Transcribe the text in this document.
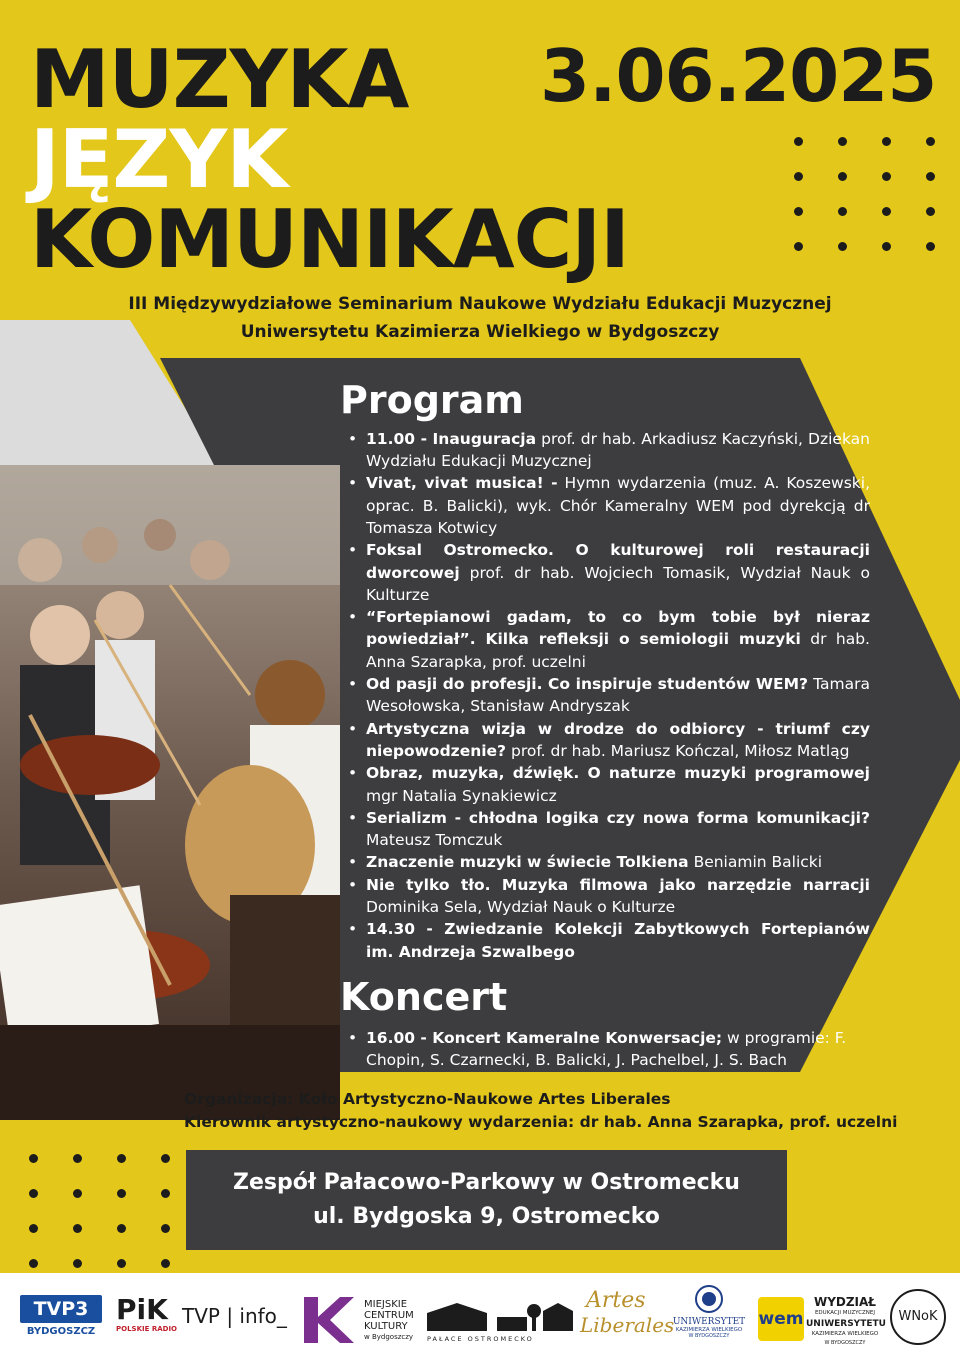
MUZYKA
JĘZYK
KOMUNIKACJI
3.06.2025
III Międzywydziałowe Seminarium Naukowe Wydziału Edukacji Muzycznej
Uniwersytetu Kazimierza Wielkiego w Bydgoszczy
Program
• 11.00 - Inauguracja prof. dr hab. Arkadiusz Kaczyński, Dziekan Wydziału Edukacji Muzycznej
• Vivat, vivat musica! - Hymn wydarzenia (muz. A. Koszewski, oprac. B. Balicki), wyk. Chór Kameralny WEM pod dyrekcją dr Tomasza Kotwicy
• Foksal Ostromecko. O kulturowej roli restauracji dworcowej prof. dr hab. Wojciech Tomasik, Wydział Nauk o Kulturze
• “Fortepianowi gadam, to co bym tobie był nieraz powiedział”. Kilka refleksji o semiologii muzyki dr hab. Anna Szarapka, prof. uczelni
• Od pasji do profesji. Co inspiruje studentów WEM? Tamara Wesołowska, Stanisław Andryszak
• Artystyczna wizja w drodze do odbiorcy - triumf czy niepowodzenie? prof. dr hab. Mariusz Kończal, Miłosz Matląg
• Obraz, muzyka, dźwięk. O naturze muzyki programowej mgr Natalia Synakiewicz
• Serializm - chłodna logika czy nowa forma komunikacji? Mateusz Tomczuk
• Znaczenie muzyki w świecie Tolkiena Beniamin Balicki
• Nie tylko tło. Muzyka filmowa jako narzędzie narracji Dominika Sela, Wydział Nauk o Kulturze
• 14.30 - Zwiedzanie Kolekcji Zabytkowych Fortepianów im. Andrzeja Szwalbego
Koncert
• 16.00 - Koncert Kameralne Konwersacje; w programie: F. Chopin, S. Czarnecki, B. Balicki, J. Pachelbel, J. S. Bach
Organizacja: Koło Artystyczno-Naukowe Artes Liberales
Kierownik artystyczno-naukowy wydarzenia: dr hab. Anna Szarapka, prof. uczelni
Zespół Pałacowo-Parkowy w Ostromecku
ul. Bydgoska 9, Ostromecko
TVP3
BYDGOSZCZ
PiK
POLSKIE RADIO
TVP | info_	MIEJSKIE
CENTRUM
KULTURY
w Bydgoszczy PAŁACE OSTROMECKO
Artes
Liberales
UNIWERSYTET
KAZIMIERZA WIELKIEGO
W BYDGOSZCZY
wem
WYDZIAŁ
EDUKACJI MUZYCZNEJ
UNIWERSYTETU
KAZIMIERZA WIELKIEGO
W BYDGOSZCZY
WNoK
